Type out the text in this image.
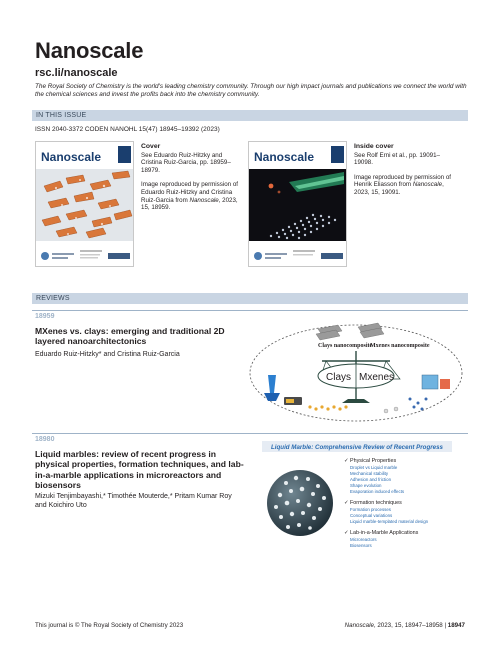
Nanoscale
rsc.li/nanoscale
The Royal Society of Chemistry is the world's leading chemistry community. Through our high impact journals and publications we connect the world with the chemical sciences and invest the profits back into the chemistry community.
IN THIS ISSUE
ISSN 2040-3372 CODEN NANOHL 15(47) 18945–19392 (2023)
Nanoscale
Cover

See Eduardo Ruiz-Hitzky and Cristina Ruiz-Garcia, pp. 18959–18979.

Image reproduced by permission of Eduardo Ruiz-Hitzky and Cristina Ruiz-Garcia from Nanoscale, 2023, 15, 18959.

Nanoscale
Inside cover

See Rolf Erni et al., pp. 19091–19098.

Image reproduced by permission of Henrik Eliasson from Nanoscale, 2023, 15, 19091.

REVIEWS
18959
MXenes vs. clays: emerging and traditional 2D layered nanoarchitectonics
Eduardo Ruiz-Hitzky* and Cristina Ruiz-Garcia
Clays nanocomposite
Mxenes nanocomposite
Clays Mxenes
18980
Liquid marbles: review of recent progress in physical properties, formation techniques, and lab-in-a-marble applications in microreactors and biosensors
Mizuki Tenjimbayashi,* Timothée Mouterde,* Pritam Kumar Roy and Koichiro Uto
Liquid Marble: Comprehensive Review of Recent Progress
✓ Physical Properties
Droplet vs Liquid marble
Mechanical stability
Adhesion and friction
Shape evolution
Evaporation induced effects
✓ Formation techniques
Formation processes
Conceptual variations
Liquid marble-templated material design
✓ Lab-in-a-Marble Applications
Microreactors
Biosensors
This journal is © The Royal Society of Chemistry 2023	Nanoscale, 2023, 15, 18947–18958 | 18947
